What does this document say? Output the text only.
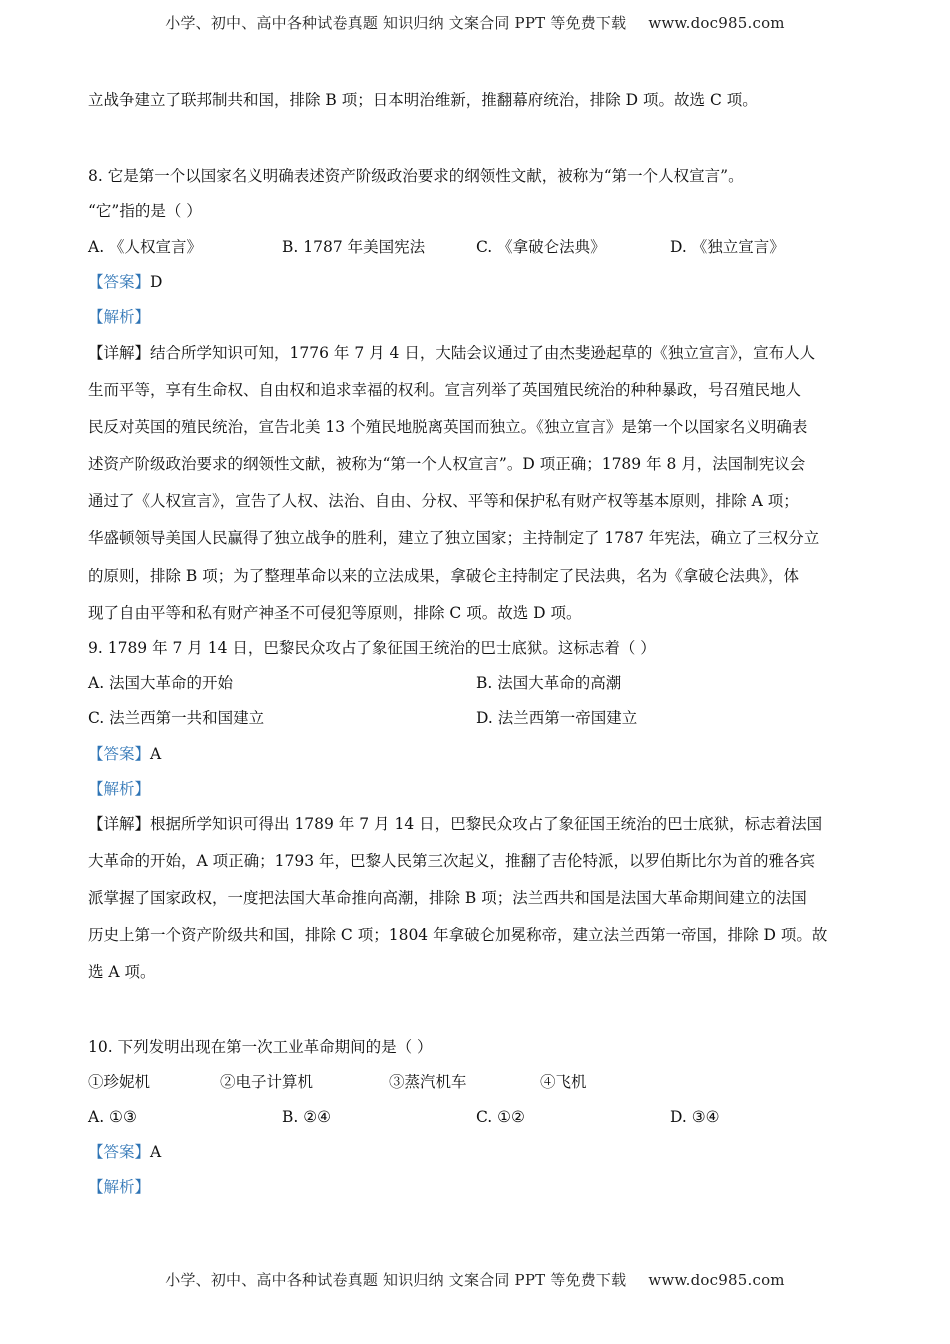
小学、初中、高中各种试卷真题 知识归纳 文案合同 PPT 等免费下载 www.doc985.com
立战争建立了联邦制共和国，排除 B 项；日本明治维新，推翻幕府统治，排除 D 项。故选 C 项。
8. 它是第一个以国家名义明确表述资产阶级政治要求的纲领性文献，被称为“第一个人权宣言”。
“它”指的是（ ）
A. 《人权宣言》	B. 1787 年美国宪法	C. 《拿破仑法典》	D. 《独立宣言》
【答案】D
【解析】
【详解】结合所学知识可知，1776 年 7 月 4 日，大陆会议通过了由杰斐逊起草的《独立宣言》，宣布人人
生而平等，享有生命权、自由权和追求幸福的权利。宣言列举了英国殖民统治的种种暴政，号召殖民地人
民反对英国的殖民统治，宣告北美 13 个殖民地脱离英国而独立。《独立宣言》是第一个以国家名义明确表
述资产阶级政治要求的纲领性文献，被称为“第一个人权宣言”。D 项正确；1789 年 8 月，法国制宪议会
通过了《人权宣言》，宣告了人权、法治、自由、分权、平等和保护私有财产权等基本原则，排除 A 项；
华盛顿领导美国人民赢得了独立战争的胜利，建立了独立国家；主持制定了 1787 年宪法，确立了三权分立
的原则，排除 B 项；为了整理革命以来的立法成果，拿破仑主持制定了民法典，名为《拿破仑法典》，体
现了自由平等和私有财产神圣不可侵犯等原则，排除 C 项。故选 D 项。
9. 1789 年 7 月 14 日，巴黎民众攻占了象征国王统治的巴士底狱。这标志着（ ）
A. 法国大革命的开始	B. 法国大革命的高潮
C. 法兰西第一共和国建立	D. 法兰西第一帝国建立
【答案】A
【解析】
【详解】根据所学知识可得出 1789 年 7 月 14 日，巴黎民众攻占了象征国王统治的巴士底狱，标志着法国
大革命的开始，A 项正确；1793 年，巴黎人民第三次起义，推翻了吉伦特派，以罗伯斯比尔为首的雅各宾
派掌握了国家政权，一度把法国大革命推向高潮，排除 B 项；法兰西共和国是法国大革命期间建立的法国
历史上第一个资产阶级共和国，排除 C 项；1804 年拿破仑加冕称帝，建立法兰西第一帝国，排除 D 项。故
选 A 项。
10. 下列发明出现在第一次工业革命期间的是（ ）
①珍妮机	②电子计算机	③蒸汽机车	④飞机
A. ①③	B. ②④	C. ①②	D. ③④
【答案】A
【解析】
小学、初中、高中各种试卷真题 知识归纳 文案合同 PPT 等免费下载 www.doc985.com
